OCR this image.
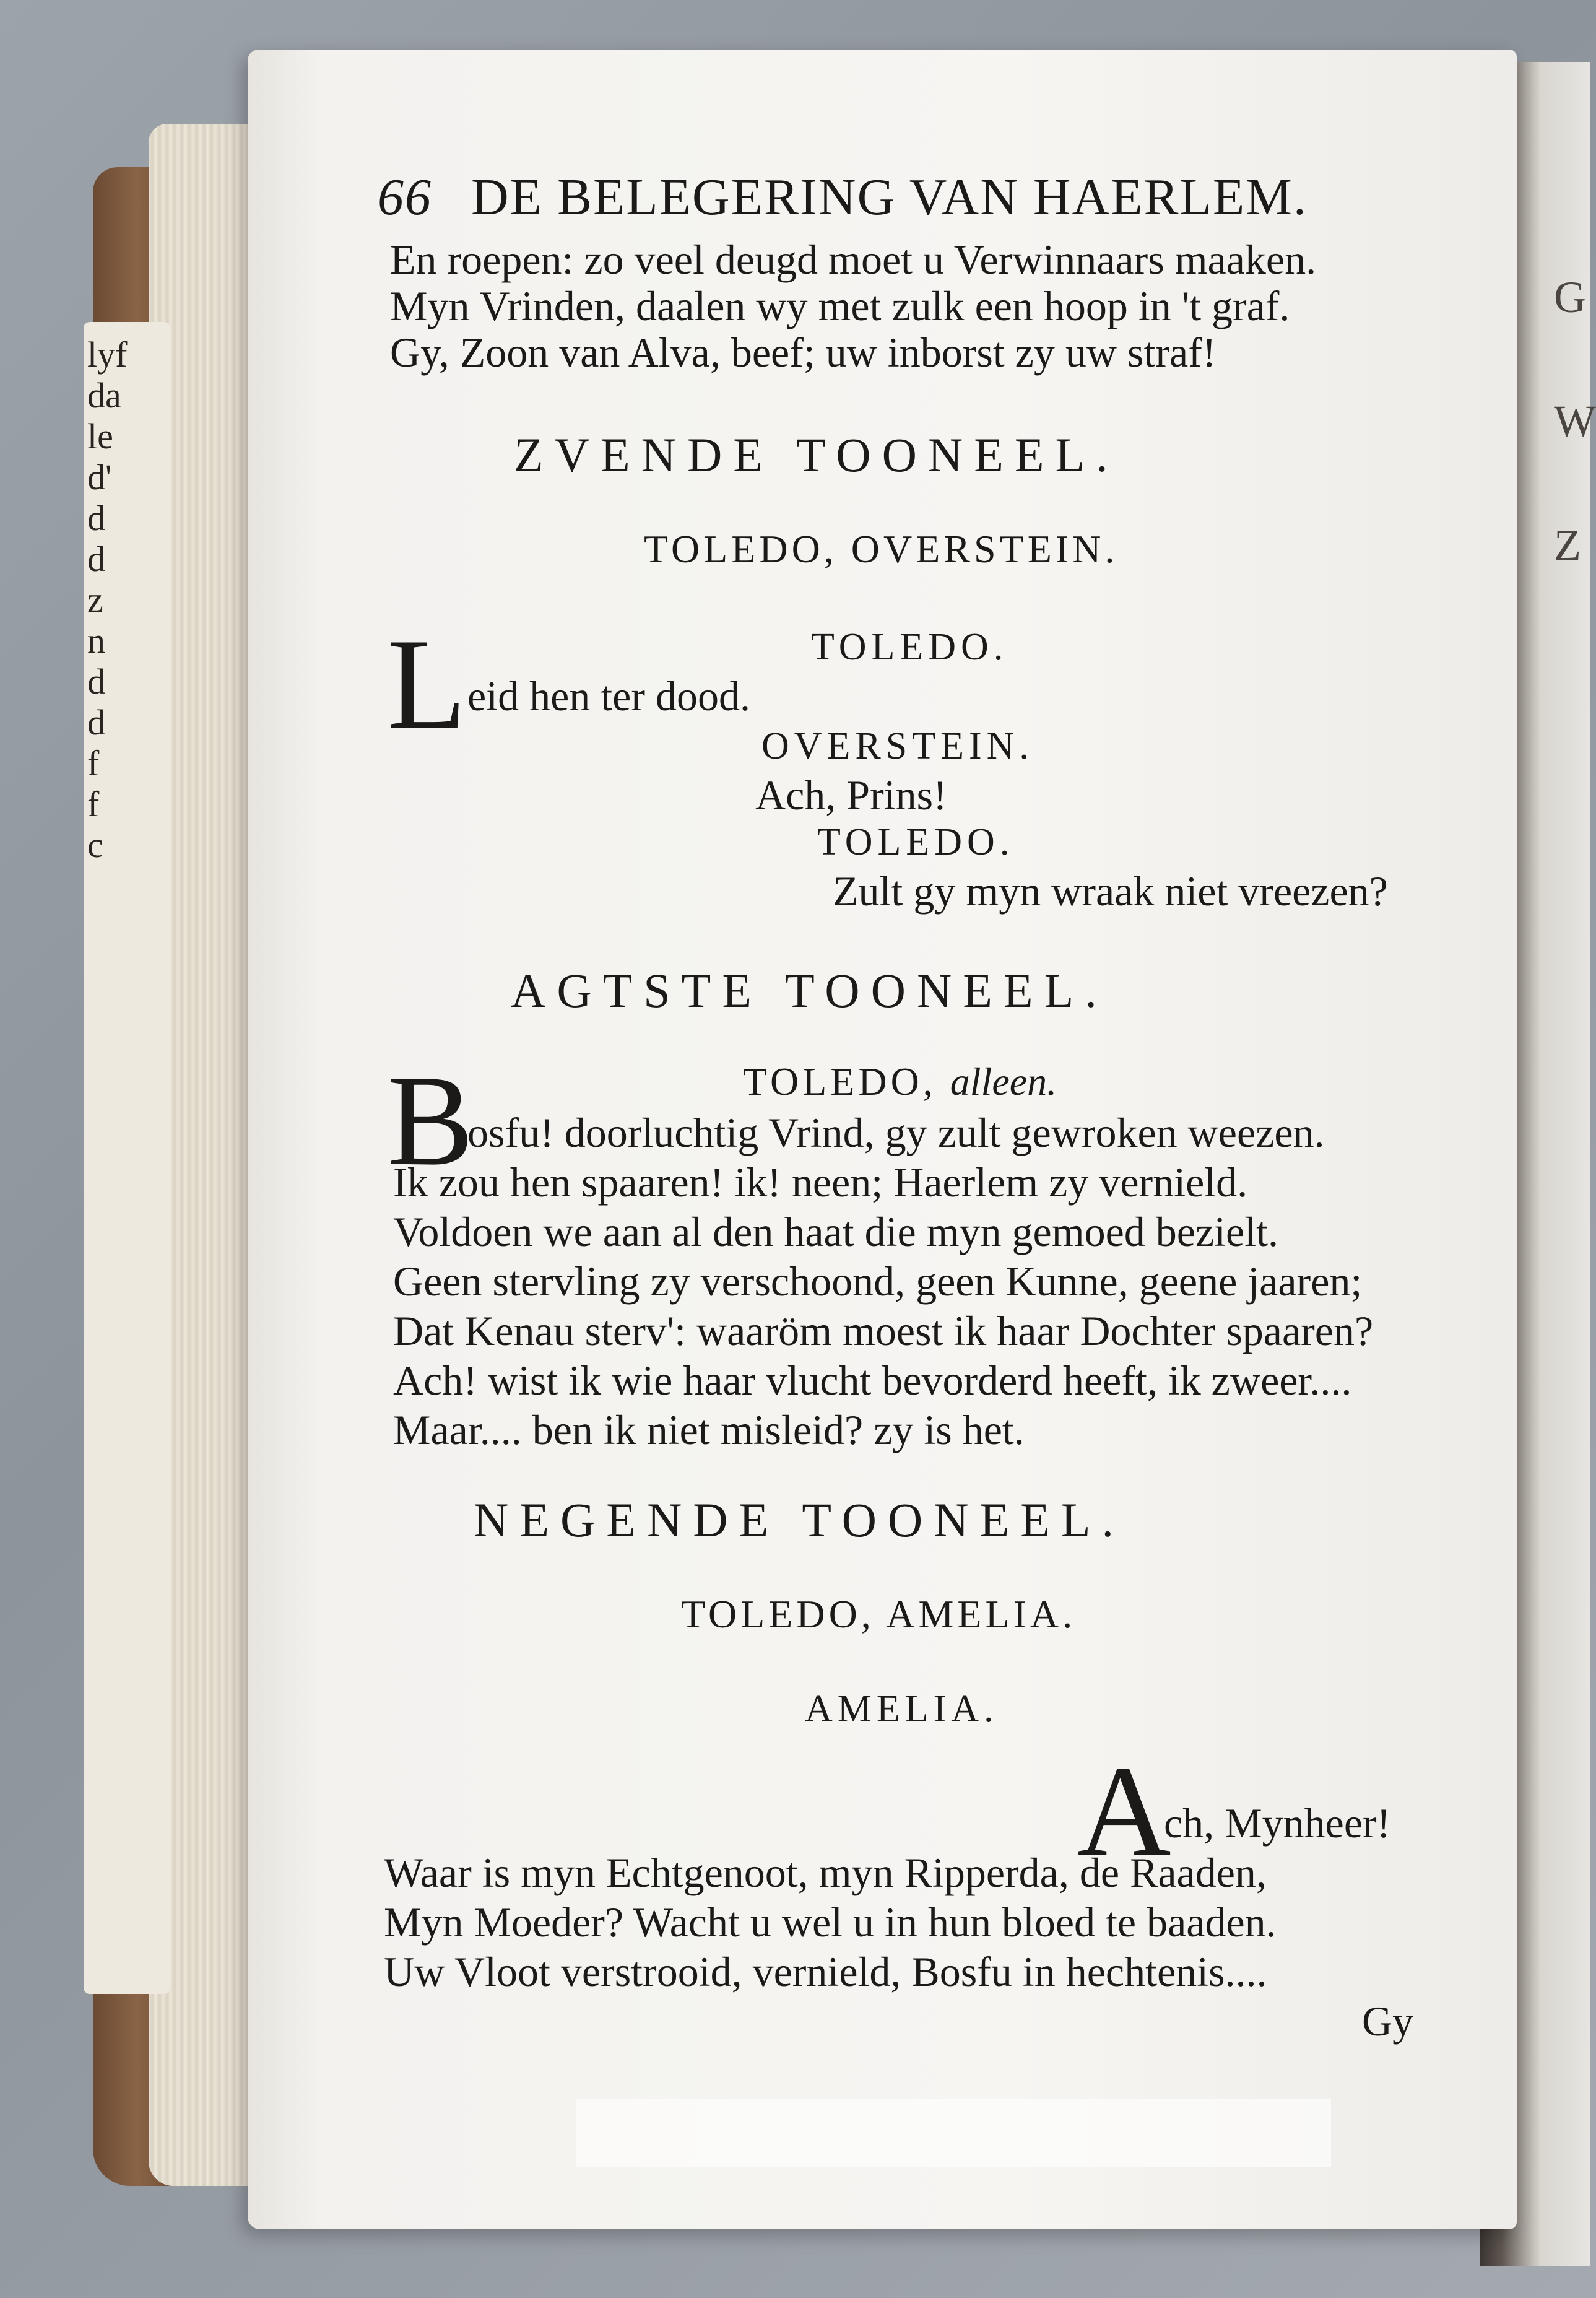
lyf
da
le
d'
d
d
z
n
d
d
f
f
c
G
W
Z
66 DE BELEGERING VAN HAERLEM.
En roepen: zo veel deugd moet u Verwinnaars maaken.
Myn Vrinden, daalen wy met zulk een hoop in 't graf.
Gy, Zoon van Alva, beef; uw inborst zy uw straf!
ZVENDE TOONEEL.
TOLEDO, OVERSTEIN.
TOLEDO.
L eid hen ter dood.
OVERSTEIN.
Ach, Prins!
TOLEDO.
Zult gy myn wraak niet vreezen?
AGTSTE TOONEEL.
TOLEDO, alleen.
B
osfu! doorluchtig Vrind, gy zult gewroken weezen.
Ik zou hen spaaren! ik! neen; Haerlem zy vernield.
Voldoen we aan al den haat die myn gemoed bezielt.
Geen stervling zy verschoond, geen Kunne, geene jaaren;
Dat Kenau sterv': waaröm moest ik haar Dochter spaaren?
Ach! wist ik wie haar vlucht bevorderd heeft, ik zweer....
Maar.... ben ik niet misleid? zy is het.
NEGENDE TOONEEL.
TOLEDO, AMELIA.
AMELIA.
A
ch, Mynheer!
Waar is myn Echtgenoot, myn Ripperda, de Raaden,
Myn Moeder? Wacht u wel u in hun bloed te baaden.
Uw Vloot verstrooid, vernield, Bosfu in hechtenis....
Gy
